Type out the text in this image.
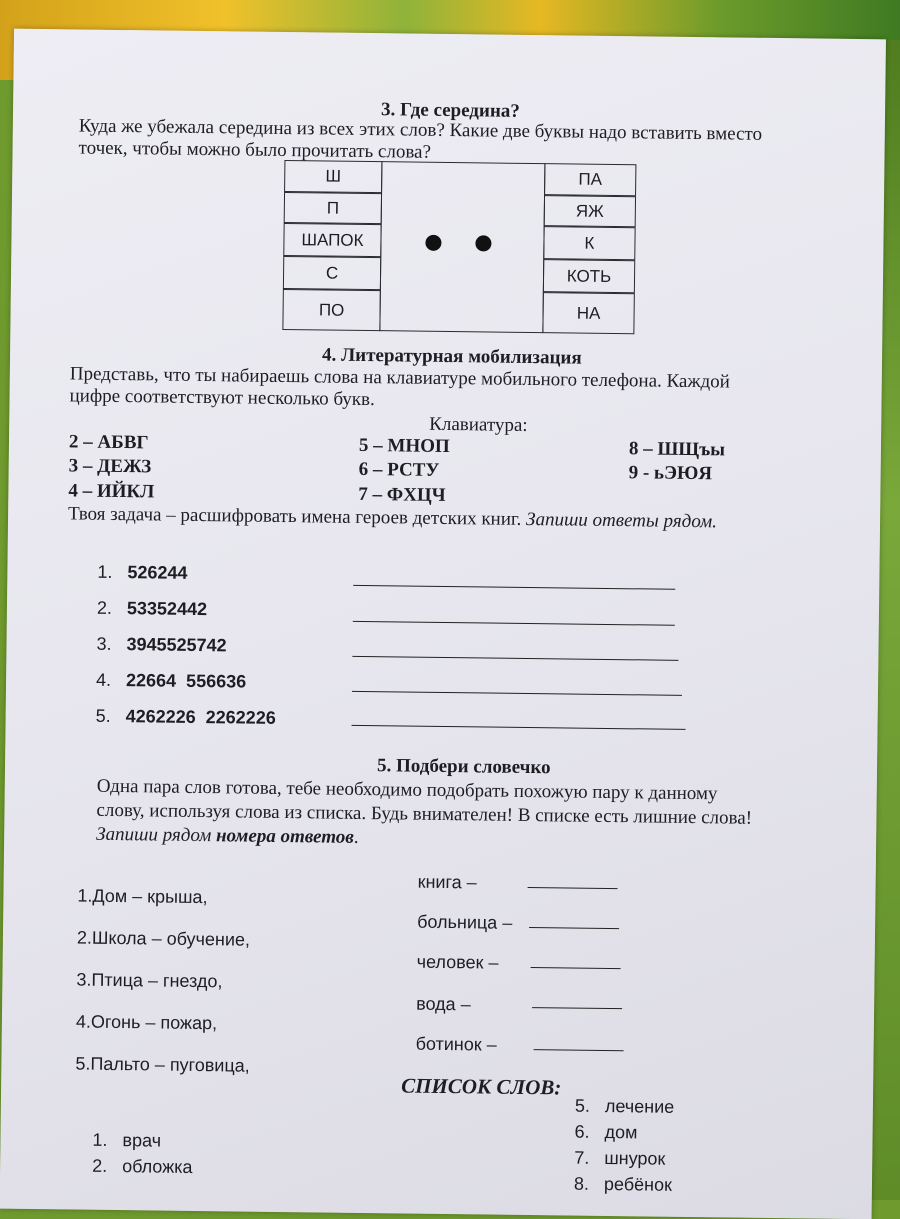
3. Где середина?
Куда же убежала середина из всех этих слов? Какие две буквы надо вставить вместо
точек, чтобы можно было прочитать слова?
Ш
П
ШАПОК
С
ПО
ПА
ЯЖ
К
КОТЬ
НА
4. Литературная мобилизация
Представь, что ты набираешь слова на клавиатуре мобильного телефона. Каждой
цифре соответствуют несколько букв.
Клавиатура:
2 – АБВГ
3 – ДЕЖЗ
4 – ИЙКЛ
5 – МНОП
6 – РСТУ
7 – ФХЦЧ
8 – ШЩъы
9 - ьЭЮЯ
Твоя задача – расшифровать имена героев детских книг. Запиши ответы рядом.
1. 526244
2. 53352442
3. 3945525742
4. 22664  556636
5. 4262226  2262226
5. Подбери словечко
Одна пара слов готова, тебе необходимо подобрать похожую пару к данному
слову, используя слова из списка. Будь внимателен! В списке есть лишние слова!
Запиши рядом номера ответов.
1.Дом – крыша,
2.Школа – обучение,
3.Птица – гнездо,
4.Огонь – пожар,
5.Пальто – пуговица,
книга –
больница –
человек –
вода –
ботинок –
СПИСОК СЛОВ:
1. врач
2. обложка
5. лечение
6. дом
7. шнурок
8. ребёнок
